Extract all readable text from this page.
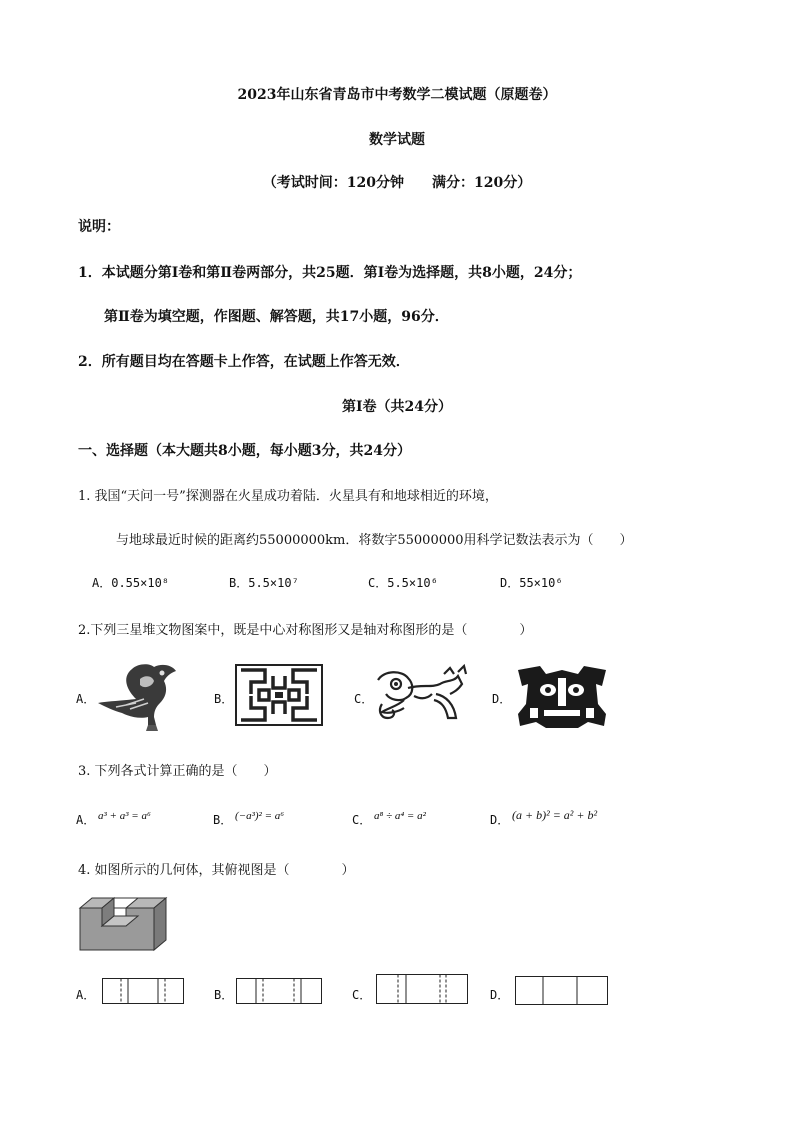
2023年山东省青岛市中考数学二模试题（原题卷）
数学试题
（考试时间：120分钟　　满分：120分）
说明：
1．本试题分第Ⅰ卷和第Ⅱ卷两部分，共25题．第Ⅰ卷为选择题，共8小题，24分；
第Ⅱ卷为填空题，作图题、解答题，共17小题，96分．
2．所有题目均在答题卡上作答，在试题上作答无效．
第Ⅰ卷（共24分）
一、选择题（本大题共8小题，每小题3分，共24分）
1. 我国“天问一号”探测器在火星成功着陆．火星具有和地球相近的环境，
与地球最近时候的距离约55000000km．将数字55000000用科学记数法表示为（　　）
A．0.55×10⁸	B．5.5×10⁷	C．5.5×10⁶	D．55×10⁶
2.下列三星堆文物图案中，既是中心对称图形又是轴对称图形的是（　　　　）
A．	B．	C．	D．
3. 下列各式计算正确的是（　　）
A． a³ + a³ = a⁶	B． (−a³)² = a⁶	C． a⁸ ÷ a⁴ = a²	D． (a + b)² = a² + b²
4. 如图所示的几何体，其俯视图是（　　　　）
A．	B．	C．	D．
